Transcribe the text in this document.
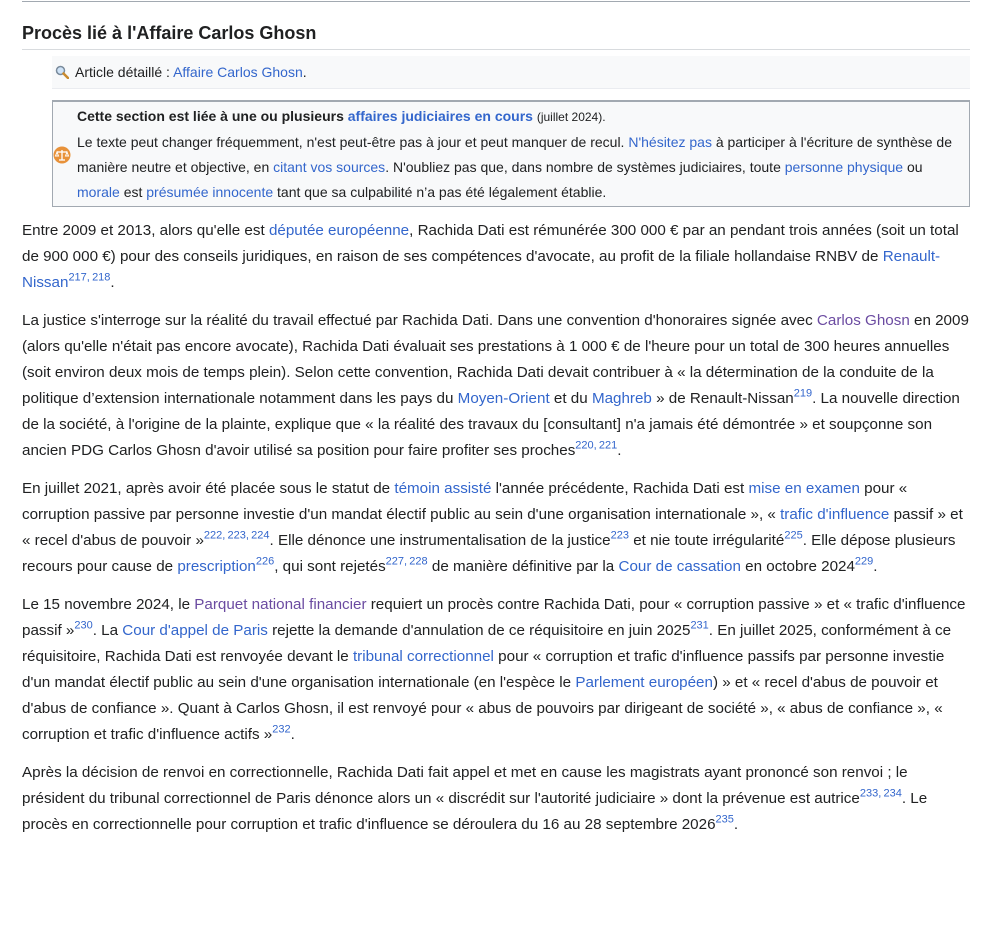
Procès lié à l'Affaire Carlos Ghosn
Article détaillé : Affaire Carlos Ghosn.
Cette section est liée à une ou plusieurs affaires judiciaires en cours (juillet 2024).
Le texte peut changer fréquemment, n'est peut-être pas à jour et peut manquer de recul. N'hésitez pas à participer à l'écriture de synthèse de manière neutre et objective, en citant vos sources. N'oubliez pas que, dans nombre de systèmes judiciaires, toute personne physique ou morale est présumée innocente tant que sa culpabilité n’a pas été légalement établie.

Entre 2009 et 2013, alors qu'elle est députée européenne, Rachida Dati est rémunérée 300 000 € par an pendant trois années (soit un total de 900 000 €) pour des conseils juridiques, en raison de ses compétences d'avocate, au profit de la filiale hollandaise RNBV de Renault-Nissan$^{217, 218}$.

La justice s'interroge sur la réalité du travail effectué par Rachida Dati. Dans une convention d'honoraires signée avec Carlos Ghosn en 2009 (alors qu'elle n'était pas encore avocate), Rachida Dati évaluait ses prestations à 1 000 € de l'heure pour un total de 300 heures annuelles (soit environ deux mois de temps plein). Selon cette convention, Rachida Dati devait contribuer à « la détermination de la conduite de la politique d’extension internationale notamment dans les pays du Moyen-Orient et du Maghreb » de Renault-Nissan$^{219}$. La nouvelle direction de la société, à l'origine de la plainte, explique que « la réalité des travaux du [consultant] n'a jamais été démontrée » et soupçonne son ancien PDG Carlos Ghosn d'avoir utilisé sa position pour faire profiter ses proches$^{220, 221}$.

En juillet 2021, après avoir été placée sous le statut de témoin assisté l'année précédente, Rachida Dati est mise en examen pour « corruption passive par personne investie d'un mandat électif public au sein d'une organisation internationale », « trafic d'influence passif » et « recel d'abus de pouvoir »$^{222, 223, 224}$. Elle dénonce une instrumentalisation de la justice$^{223}$ et nie toute irrégularité$^{225}$. Elle dépose plusieurs recours pour cause de prescription$^{226}$, qui sont rejetés$^{227, 228}$ de manière définitive par la Cour de cassation en octobre 2024$^{229}$.

Le 15 novembre 2024, le Parquet national financier requiert un procès contre Rachida Dati, pour « corruption passive » et « trafic d'influence passif »$^{230}$. La Cour d'appel de Paris rejette la demande d'annulation de ce réquisitoire en juin 2025$^{231}$. En juillet 2025, conformément à ce réquisitoire, Rachida Dati est renvoyée devant le tribunal correctionnel pour « corruption et trafic d'influence passifs par personne investie d'un mandat électif public au sein d'une organisation internationale (en l'espèce le Parlement européen) » et « recel d'abus de pouvoir et d'abus de confiance ». Quant à Carlos Ghosn, il est renvoyé pour « abus de pouvoirs par dirigeant de société », « abus de confiance », « corruption et trafic d'influence actifs »$^{232}$.

Après la décision de renvoi en correctionnelle, Rachida Dati fait appel et met en cause les magistrats ayant prononcé son renvoi ; le président du tribunal correctionnel de Paris dénonce alors un « discrédit sur l'autorité judiciaire » dont la prévenue est autrice$^{233, 234}$. Le procès en correctionnelle pour corruption et trafic d'influence se déroulera du 16 au 28 septembre 2026$^{235}$.
